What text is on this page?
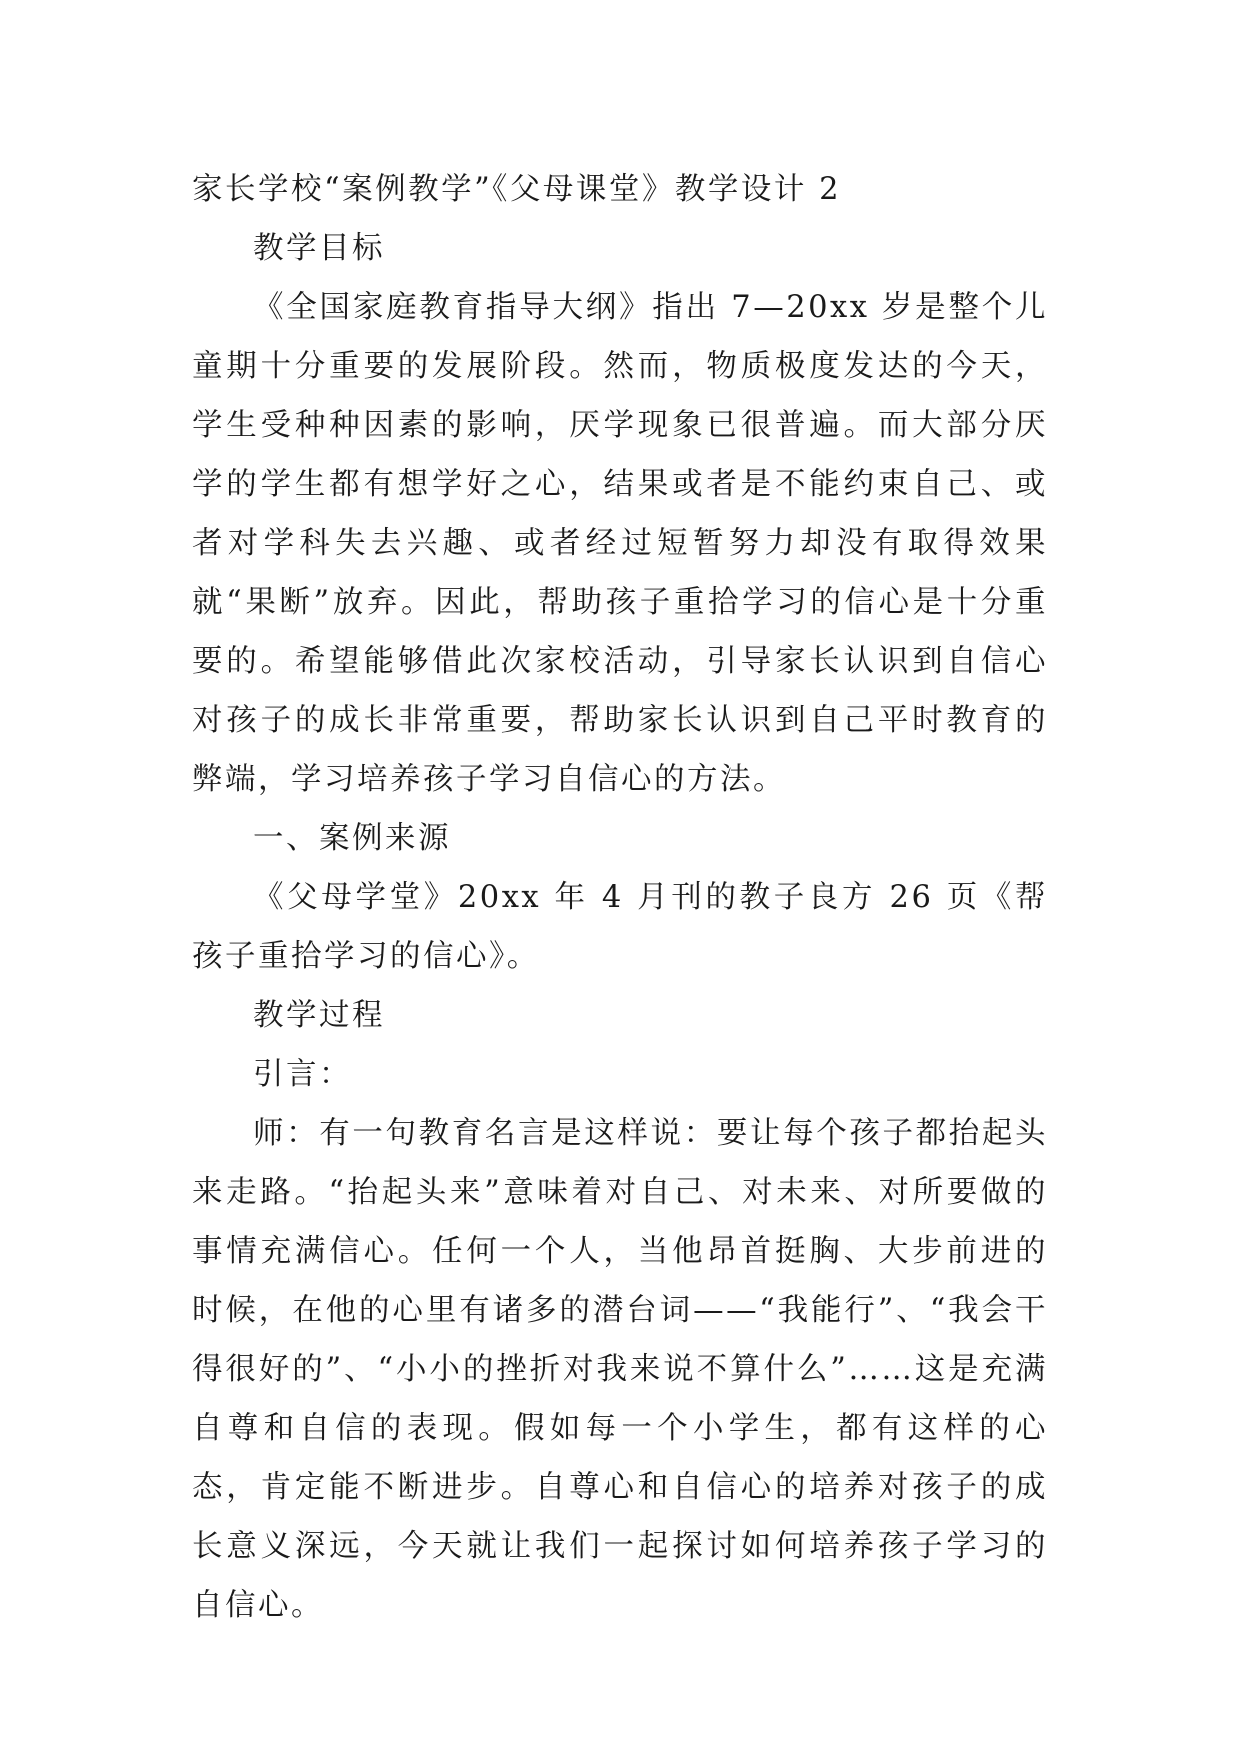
家长学校“案例教学”《父母课堂》教学设计 2

教学目标

《全国家庭教育指导大纲》指出 7—20xx 岁是整个儿童期十分重要的发展阶段。然而，物质极度发达的今天，学生受种种因素的影响，厌学现象已很普遍。而大部分厌学的学生都有想学好之心，结果或者是不能约束自己、或者对学科失去兴趣、或者经过短暂努力却没有取得效果就“果断”放弃。因此，帮助孩子重拾学习的信心是十分重要的。希望能够借此次家校活动，引导家长认识到自信心对孩子的成长非常重要，帮助家长认识到自己平时教育的弊端，学习培养孩子学习自信心的方法。

一、案例来源

《父母学堂》20xx 年 4 月刊的教子良方 26 页《帮孩子重拾学习的信心》。

教学过程

引言：

师：有一句教育名言是这样说：要让每个孩子都抬起头来走路。“抬起头来”意味着对自己、对未来、对所要做的事情充满信心。任何一个人，当他昂首挺胸、大步前进的时候，在他的心里有诸多的潜台词——“我能行”、“我会干得很好的”、“小小的挫折对我来说不算什么”……这是充满自尊和自信的表现。假如每一个小学生，都有这样的心态，肯定能不断进步。自尊心和自信心的培养对孩子的成长意义深远，今天就让我们一起探讨如何培养孩子学习的自信心。
